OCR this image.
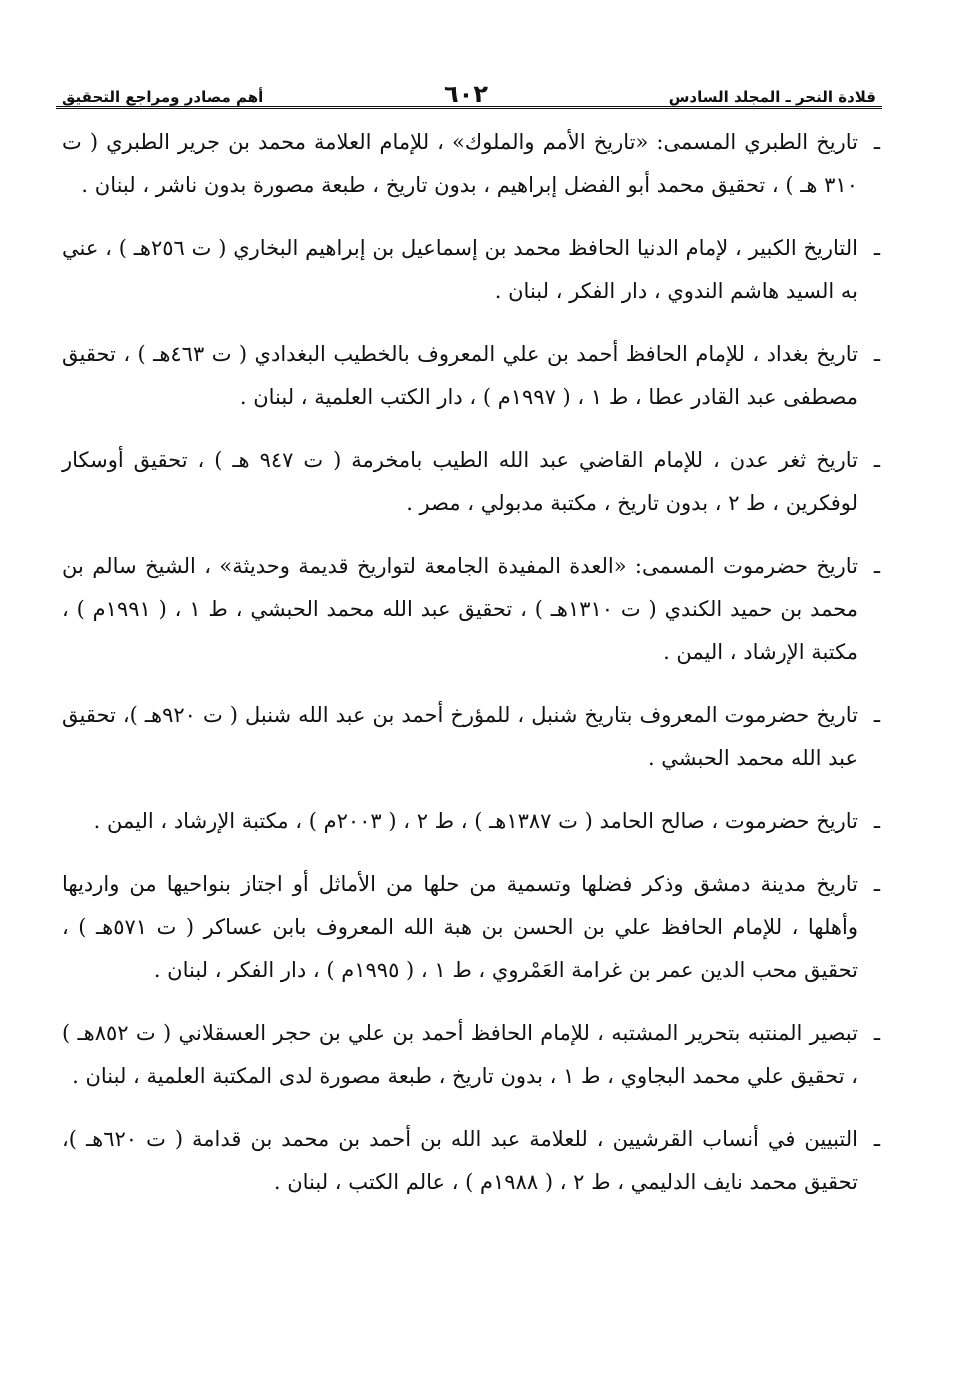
قلادة النحر ـ المجلد السادس
٦٠٢
أهم مصادر ومراجع التحقيق

ـ
تاريخ الطبري المسمى: «تاريخ الأمم والملوك» ، للإمام العلامة محمد بن جرير الطبري ( ت ٣١٠ هـ ) ، تحقيق محمد أبو الفضل إبراهيم ، بدون تاريخ ، طبعة مصورة بدون ناشر ، لبنان .

ـ
التاريخ الكبير ، لإمام الدنيا الحافظ محمد بن إسماعيل بن إبراهيم البخاري ( ت ٢٥٦هـ ) ، عني به السيد هاشم الندوي ، دار الفكر ، لبنان .

ـ
تاريخ بغداد ، للإمام الحافظ أحمد بن علي المعروف بالخطيب البغدادي ( ت ٤٦٣هـ ) ، تحقيق مصطفى عبد القادر عطا ، ط ١ ، ( ١٩٩٧م ) ، دار الكتب العلمية ، لبنان .

ـ
تاريخ ثغر عدن ، للإمام القاضي عبد الله الطيب بامخرمة ( ت ٩٤٧ هـ ) ، تحقيق أوسكار لوفكرين ، ط ٢ ، بدون تاريخ ، مكتبة مدبولي ، مصر .

ـ
تاريخ حضرموت المسمى: «العدة المفيدة الجامعة لتواريخ قديمة وحديثة» ، الشيخ سالم بن محمد بن حميد الكندي ( ت ١٣١٠هـ ) ، تحقيق عبد الله محمد الحبشي ، ط ١ ، ( ١٩٩١م ) ، مكتبة الإرشاد ، اليمن .

ـ
تاريخ حضرموت المعروف بتاريخ شنبل ، للمؤرخ أحمد بن عبد الله شنبل ( ت ٩٢٠هـ )، تحقيق عبد الله محمد الحبشي .

ـ
تاريخ حضرموت ، صالح الحامد ( ت ١٣٨٧هـ ) ، ط ٢ ، ( ٢٠٠٣م ) ، مكتبة الإرشاد ، اليمن .

ـ
تاريخ مدينة دمشق وذكر فضلها وتسمية من حلها من الأماثل أو اجتاز بنواحيها من وارديها وأهلها ، للإمام الحافظ علي بن الحسن بن هبة الله المعروف بابن عساكر ( ت ٥٧١هـ ) ، تحقيق محب الدين عمر بن غرامة العَمْروي ، ط ١ ، ( ١٩٩٥م ) ، دار الفكر ، لبنان .

ـ
تبصير المنتبه بتحرير المشتبه ، للإمام الحافظ أحمد بن علي بن حجر العسقلاني ( ت ٨٥٢هـ ) ، تحقيق علي محمد البجاوي ، ط ١ ، بدون تاريخ ، طبعة مصورة لدى المكتبة العلمية ، لبنان .

ـ
التبيين في أنساب القرشيين ، للعلامة عبد الله بن أحمد بن محمد بن قدامة ( ت ٦٢٠هـ )، تحقيق محمد نايف الدليمي ، ط ٢ ، ( ١٩٨٨م ) ، عالم الكتب ، لبنان .
